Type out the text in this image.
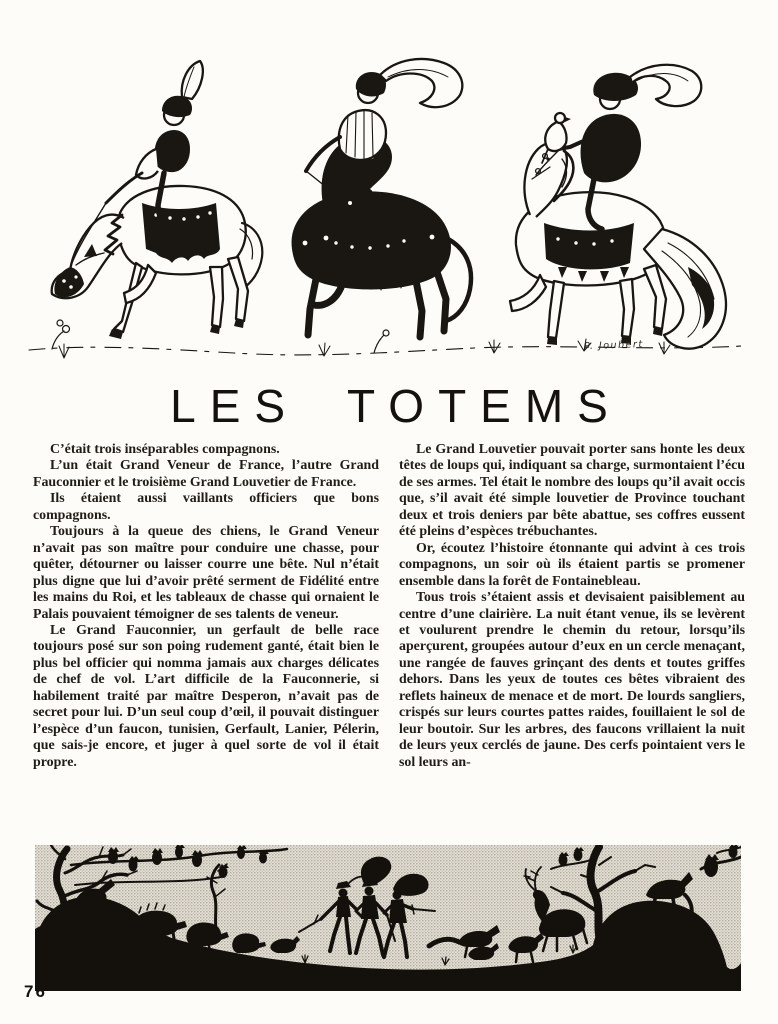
P. Joubert
LES TOTEMS

C’était trois inséparables compagnons.

L’un était Grand Veneur de France, l’autre Grand Fauconnier et le troisième Grand Louvetier de France.

Ils étaient aussi vaillants officiers que bons compagnons.

Toujours à la queue des chiens, le Grand Veneur n’avait pas son maître pour conduire une chasse, pour quêter, détourner ou laisser courre une bête. Nul n’était plus digne que lui d’avoir prêté serment de Fidélité entre les mains du Roi, et les tableaux de chasse qui ornaient le Palais pouvaient témoigner de ses talents de veneur.

Le Grand Fauconnier, un gerfault de belle race toujours posé sur son poing rudement ganté, était bien le plus bel officier qui nomma jamais aux charges délicates de chef de vol. L’art difficile de la Fauconnerie, si habilement traité par maître Desperon, n’avait pas de secret pour lui. D’un seul coup d’œil, il pouvait distinguer l’espèce d’un faucon, tunisien, Gerfault, Lanier, Pélerin, que sais-je encore, et juger à quel sorte de vol il était propre.

Le Grand Louvetier pouvait porter sans honte les deux têtes de loups qui, indiquant sa charge, surmontaient l’écu de ses armes. Tel était le nombre des loups qu’il avait occis que, s’il avait été simple louvetier de Province touchant deux et trois deniers par bête abattue, ses coffres eussent été pleins d’espèces trébuchantes.

Or, écoutez l’histoire étonnante qui advint à ces trois compagnons, un soir où ils étaient partis se promener ensemble dans la forêt de Fontainebleau.

Tous trois s’étaient assis et devisaient paisiblement au centre d’une clairière. La nuit étant venue, ils se levèrent et voulurent prendre le chemin du retour, lorsqu’ils aperçurent, groupées autour d’eux en un cercle menaçant, une rangée de fauves grinçant des dents et toutes griffes dehors. Dans les yeux de toutes ces bêtes vibraient des reflets haineux de menace et de mort. De lourds sangliers, crispés sur leurs courtes pattes raides, fouillaient le sol de leur boutoir. Sur les arbres, des faucons vrillaient la nuit de leurs yeux cerclés de jaune. Des cerfs pointaient vers le sol leurs an-

76
